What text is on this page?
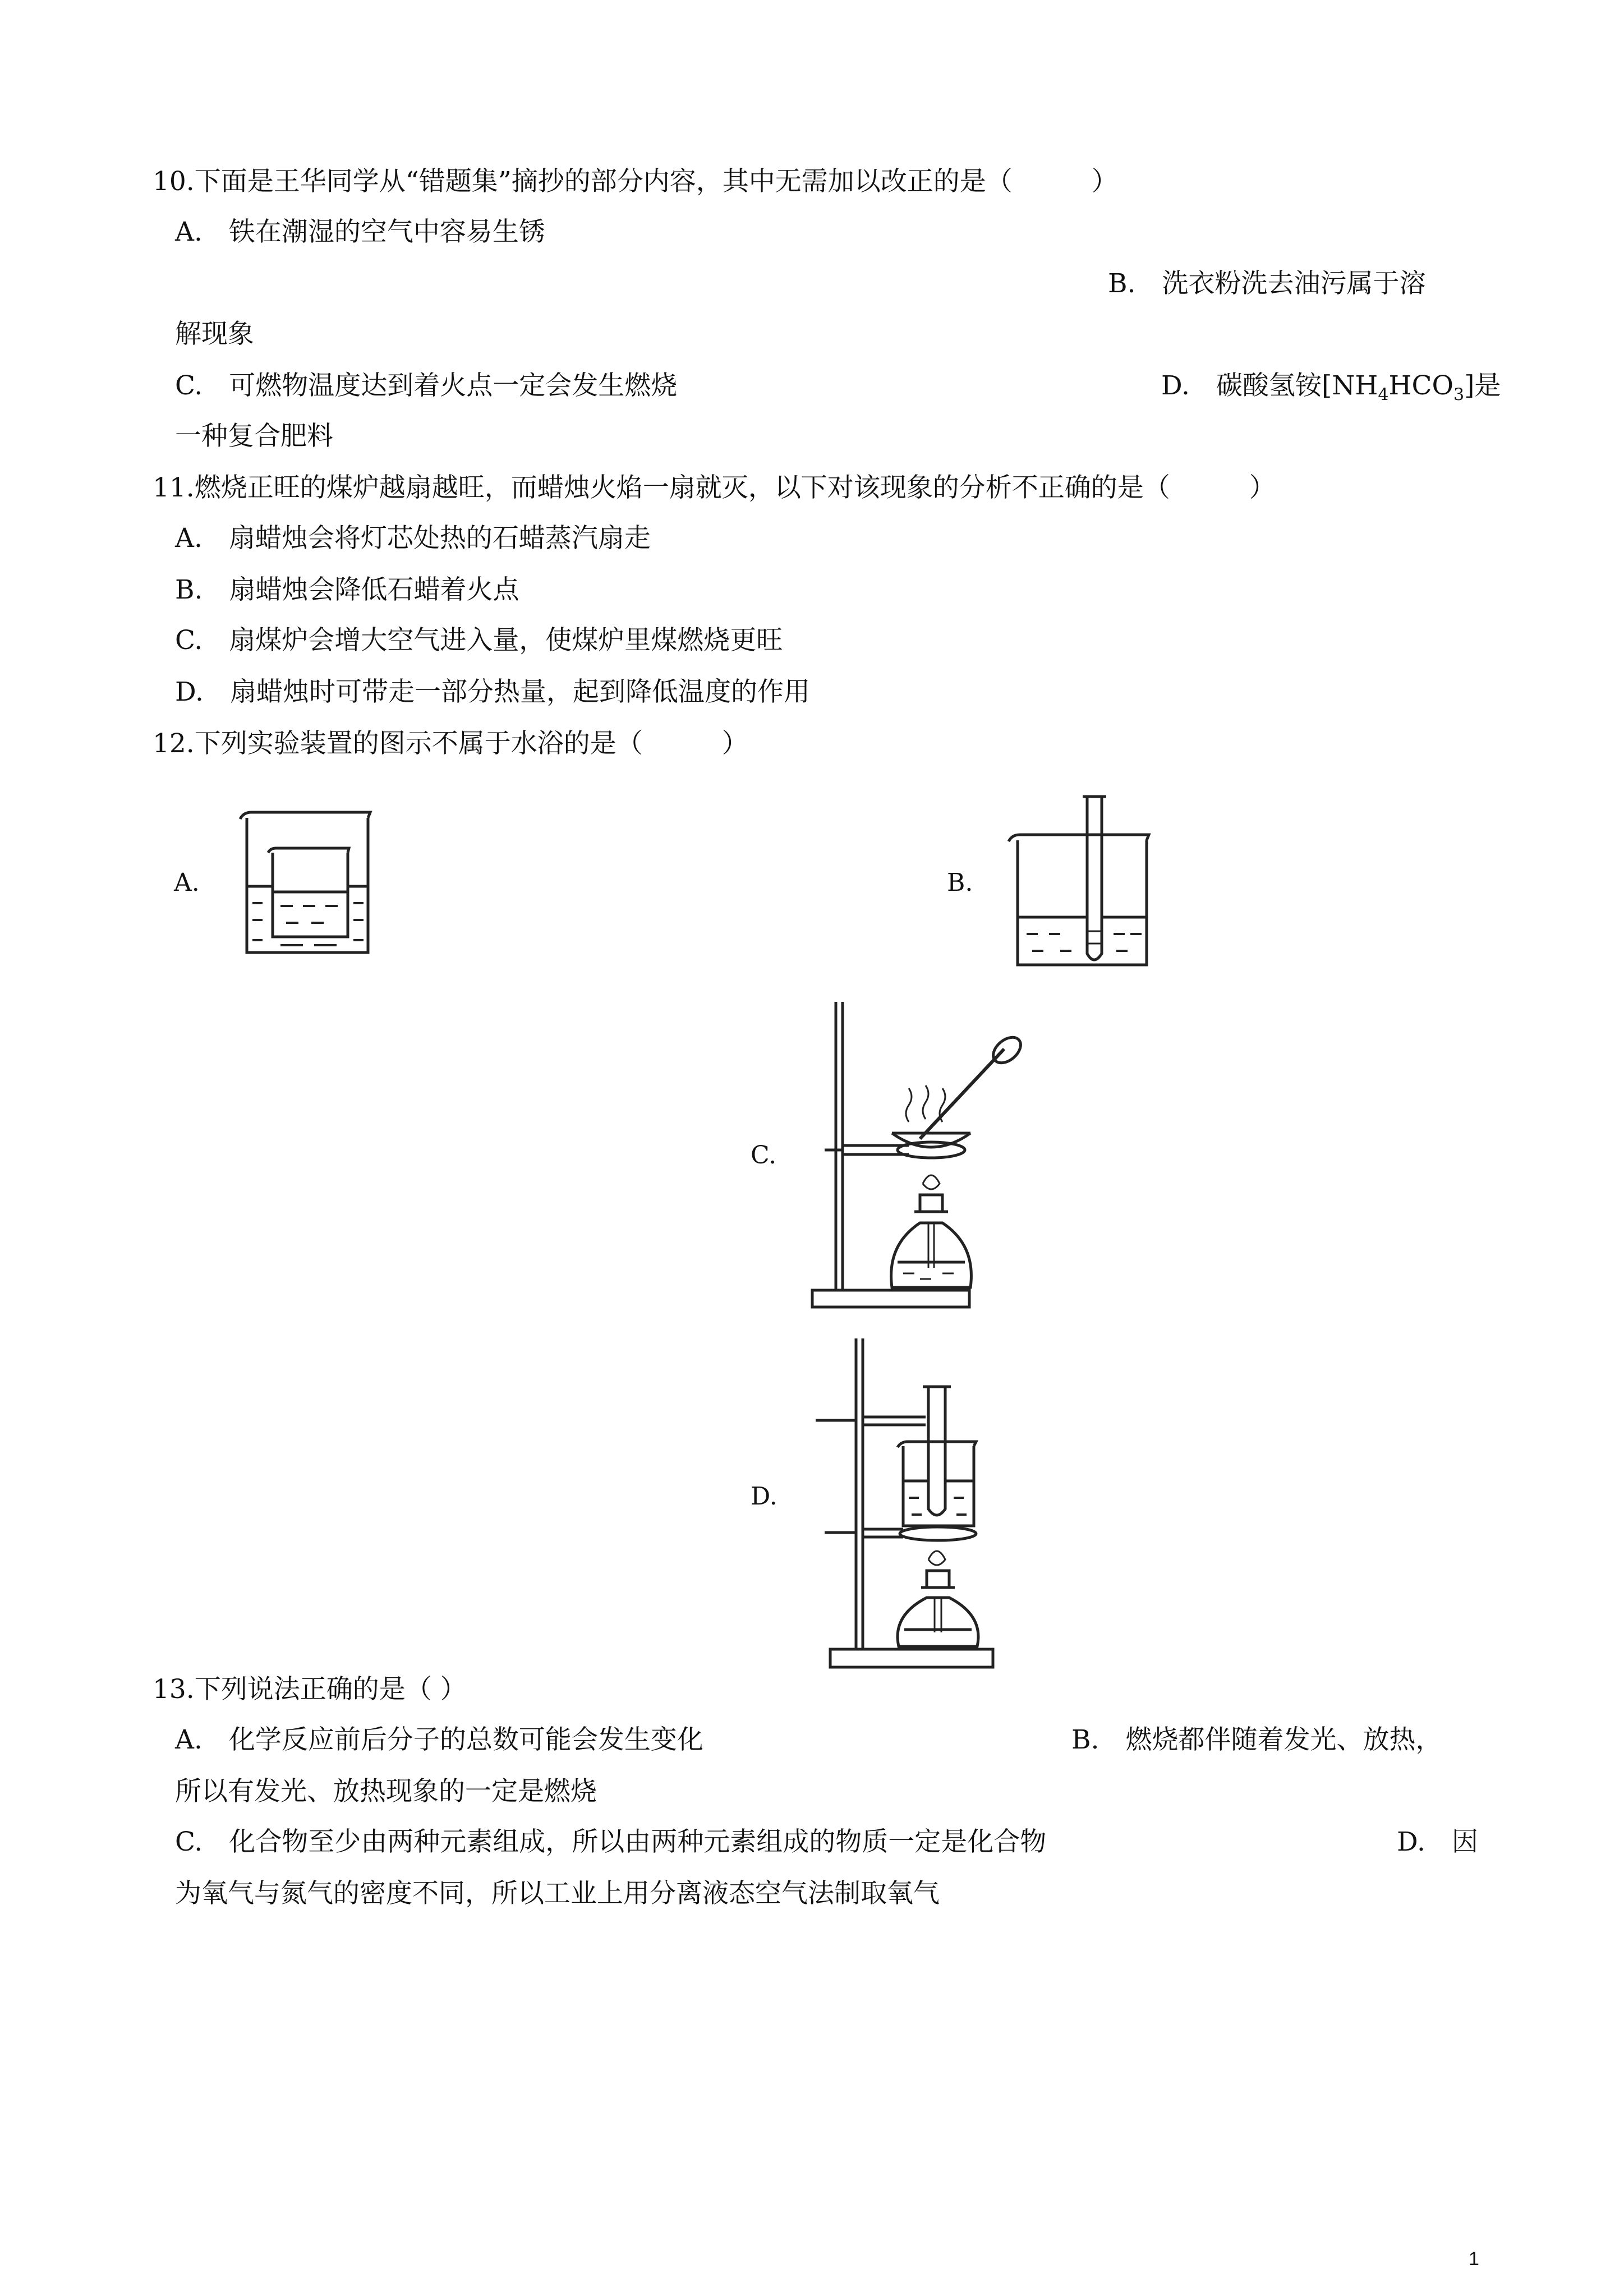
10.下面是王华同学从“错题集”摘抄的部分内容，其中无需加以改正的是（　　　）
A.　铁在潮湿的空气中容易生锈
B.　洗衣粉洗去油污属于溶
解现象
C.　可燃物温度达到着火点一定会发生燃烧	D.　碳酸氢铵$[NH_4HCO_3]$是
一种复合肥料
11.燃烧正旺的煤炉越扇越旺，而蜡烛火焰一扇就灭，以下对该现象的分析不正确的是（　　　）
A.　扇蜡烛会将灯芯处热的石蜡蒸汽扇走
B.　扇蜡烛会降低石蜡着火点
C.　扇煤炉会增大空气进入量，使煤炉里煤燃烧更旺
D.　扇蜡烛时可带走一部分热量，起到降低温度的作用
12.下列实验装置的图示不属于水浴的是（　　　）
A.	B.
C.
D.
13.下列说法正确的是（ ）
A.　化学反应前后分子的总数可能会发生变化	B.　燃烧都伴随着发光、放热，
所以有发光、放热现象的一定是燃烧
C.　化合物至少由两种元素组成，所以由两种元素组成的物质一定是化合物	D.　因
为氧气与氮气的密度不同，所以工业上用分离液态空气法制取氧气
1
